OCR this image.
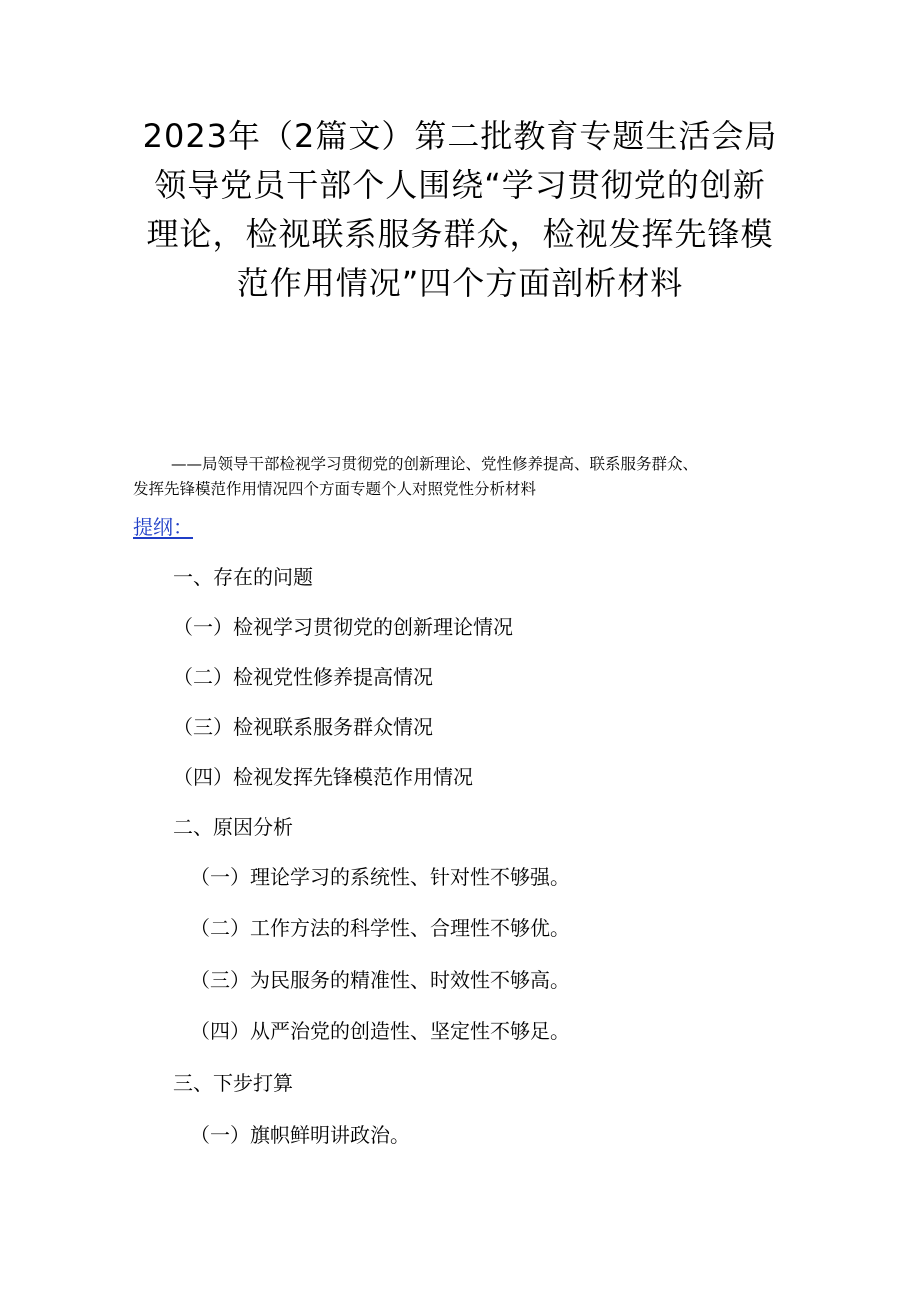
2023年（2篇文）第二批教育专题生活会局
领导党员干部个人围绕“学习贯彻党的创新
理论，检视联系服务群众，检视发挥先锋模
范作用情况”四个方面剖析材料

——局领导干部检视学习贯彻党的创新理论、党性修养提高、联系服务群众、
发挥先锋模范作用情况四个方面专题个人对照党性分析材料

提纲：

一、存在的问题

（一）检视学习贯彻党的创新理论情况

（二）检视党性修养提高情况

（三）检视联系服务群众情况

（四）检视发挥先锋模范作用情况

二、原因分析

（一）理论学习的系统性、针对性不够强。

（二）工作方法的科学性、合理性不够优。

（三）为民服务的精准性、时效性不够高。

（四）从严治党的创造性、坚定性不够足。

三、下步打算

（一）旗帜鲜明讲政治。
